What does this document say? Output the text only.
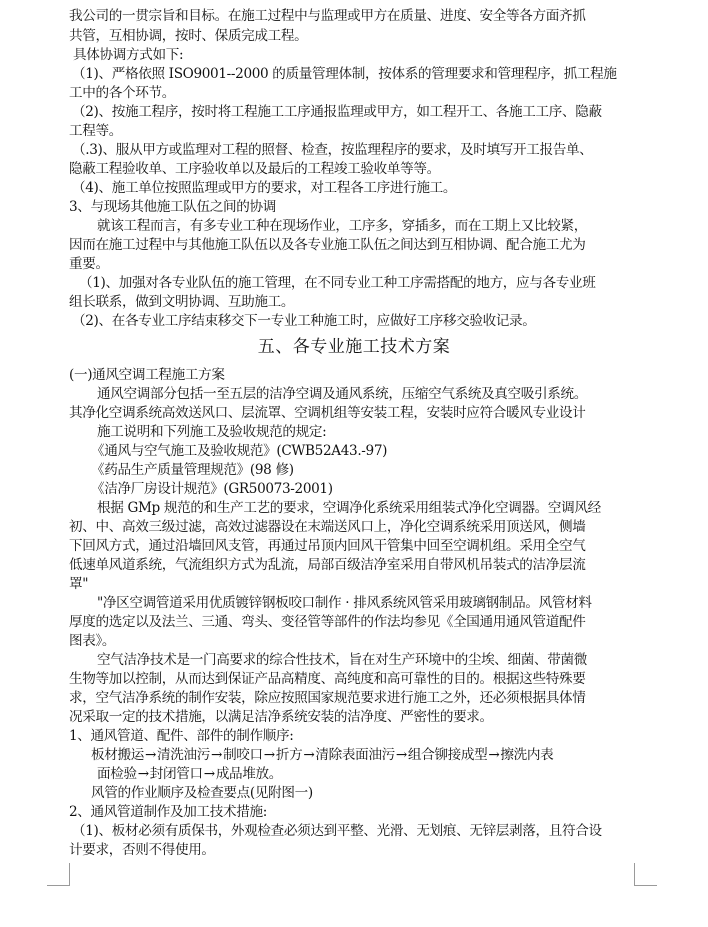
我公司的一贯宗旨和目标。在施工过程中与监理或甲方在质量、进度、安全等各方面齐抓
共管，互相协调，按时、保质完成工程。
具体协调方式如下:
（1)、严格依照 ISO9001--2000 的质量管理体制，按体系的管理要求和管理程序，抓工程施
工中的各个环节。
（2)、按施工程序，按时将工程施工工序通报监理或甲方，如工程开工、各施工工序、隐蔽
工程等。
（.3)、服从甲方或监理对工程的照督、检查，按监理程序的要求，及时填写开工报告单、
隐蔽工程验收单、工序验收单以及最后的工程竣工验收单等等。
（4)、施工单位按照监理或甲方的要求，对工程各工序进行施工。
3、与现场其他施工队伍之间的协调
就该工程而言，有多专业工种在现场作业，工序多，穿插多，而在工期上又比较紧，
因而在施工过程中与其他施工队伍以及各专业施工队伍之间达到互相协调、配合施工尤为
重要。
（1)、加强对各专业队伍的施工管理，在不同专业工种工序需搭配的地方，应与各专业班
组长联系，做到文明协调、互助施工。
（2)、在各专业工序结束移交下一专业工种施工时，应做好工序移交验收记录。
五、各专业施工技术方案
(一)通风空调工程施工方案
通风空调部分包括一至五层的洁净空调及通风系统，压缩空气系统及真空吸引系统。
其净化空调系统高效送风口、层流罩、空调机组等安装工程，安装时应符合暖风专业设计
施工说明和下列施工及验收规范的规定:
《通风与空气施工及验收规范》(CWB52A43.-97)
《药品生产质量管理规范》(98 修)
《洁净厂房设计规范》(GR50073-2001)
根据 GMp 规范的和生产工艺的要求，空调净化系统采用组装式净化空调器。空调风经
初、中、高效三级过滤，高效过滤器设在末端送风口上，净化空调系统采用顶送风，侧墙
下回风方式，通过沿墙回风支管，再通过吊顶内回风干管集中回至空调机组。采用全空气
低速单风道系统，气流组织方式为乱流，局部百级洁净室采用自带风机吊装式的洁净层流
罩"
"净区空调管道采用优质镀锌钢板咬口制作 · 排风系统风管采用玻璃钢制品。风管材料
厚度的选定以及法兰、三通、弯头、变径管等部件的作法均参见《全国通用通风管道配件
图表》。
空气洁净技术是一门高要求的综合性技术，旨在对生产环境中的尘埃、细菌、带菌微
生物等加以控制，从而达到保证产品高精度、高纯度和高可靠性的目的。根据这些特殊要
求，空气洁净系统的制作安装，除应按照国家规范要求进行施工之外，还必须根据具体情
况采取一定的技术措施，以满足洁净系统安装的洁净度、严密性的要求。
1、通风管道、配件、部件的制作顺序:
板材搬运→清洗油污→制咬口→折方→清除表面油污→组合铆接成型→擦洗内表
面检验→封闭管口→成品堆放。
风管的作业顺序及检查要点(见附图一)
2、通风管道制作及加工技术措施:
（1)、板材必须有质保书，外观检查必须达到平整、光滑、无划痕、无锌层剥落，且符合设
计要求，否则不得使用。
